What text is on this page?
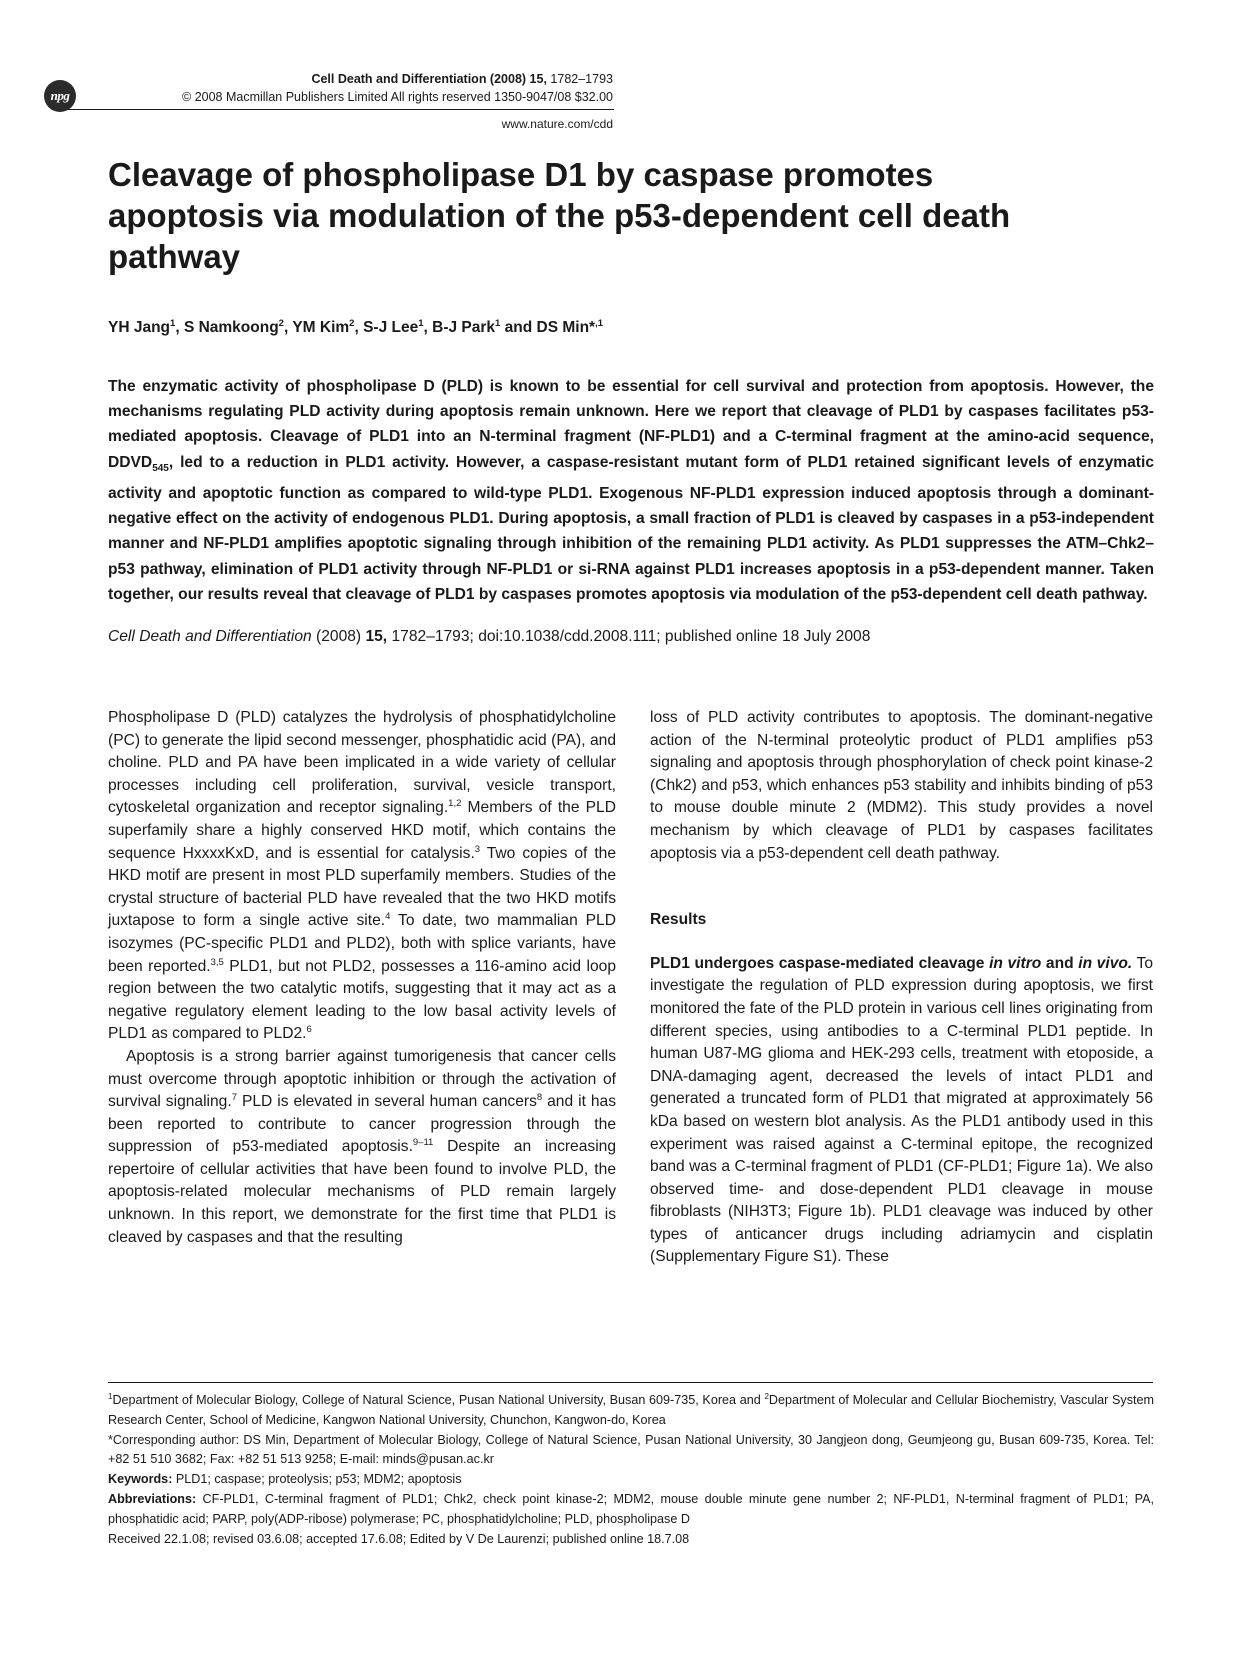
npg
Cell Death and Differentiation (2008) 15, 1782–1793
© 2008 Macmillan Publishers Limited All rights reserved 1350-9047/08 $32.00
www.nature.com/cdd
Cleavage of phospholipase D1 by caspase promotes apoptosis via modulation of the p53-dependent cell death pathway
YH Jang$^1$, S Namkoong$^2$, YM Kim$^2$, S-J Lee$^1$, B-J Park$^1$ and DS Min*$^{,1}$

The enzymatic activity of phospholipase D (PLD) is known to be essential for cell survival and protection from apoptosis. However, the mechanisms regulating PLD activity during apoptosis remain unknown. Here we report that cleavage of PLD1 by caspases facilitates p53-mediated apoptosis. Cleavage of PLD1 into an N-terminal fragment (NF-PLD1) and a C-terminal fragment at the amino-acid sequence, $DDVD_{545}$, led to a reduction in PLD1 activity. However, a caspase-resistant mutant form of PLD1 retained significant levels of enzymatic activity and apoptotic function as compared to wild-type PLD1. Exogenous NF-PLD1 expression induced apoptosis through a dominant-negative effect on the activity of endogenous PLD1. During apoptosis, a small fraction of PLD1 is cleaved by caspases in a p53-independent manner and NF-PLD1 amplifies apoptotic signaling through inhibition of the remaining PLD1 activity. As PLD1 suppresses the ATM–Chk2–p53 pathway, elimination of PLD1 activity through NF-PLD1 or si-RNA against PLD1 increases apoptosis in a p53-dependent manner. Taken together, our results reveal that cleavage of PLD1 by caspases promotes apoptosis via modulation of the p53-dependent cell death pathway.

Cell Death and Differentiation (2008) 15, 1782–1793; doi:10.1038/cdd.2008.111; published online 18 July 2008

Phospholipase D (PLD) catalyzes the hydrolysis of phosphatidylcholine (PC) to generate the lipid second messenger, phosphatidic acid (PA), and choline. PLD and PA have been implicated in a wide variety of cellular processes including cell proliferation, survival, vesicle transport, cytoskeletal organization and receptor signaling.$^{1,2}$ Members of the PLD superfamily share a highly conserved HKD motif, which contains the sequence HxxxxKxD, and is essential for catalysis.$^3$ Two copies of the HKD motif are present in most PLD superfamily members. Studies of the crystal structure of bacterial PLD have revealed that the two HKD motifs juxtapose to form a single active site.$^4$ To date, two mammalian PLD isozymes (PC-specific PLD1 and PLD2), both with splice variants, have been reported.$^{3,5}$ PLD1, but not PLD2, possesses a 116-amino acid loop region between the two catalytic motifs, suggesting that it may act as a negative regulatory element leading to the low basal activity levels of PLD1 as compared to PLD2.$^6$

Apoptosis is a strong barrier against tumorigenesis that cancer cells must overcome through apoptotic inhibition or through the activation of survival signaling.$^7$ PLD is elevated in several human cancers$^8$ and it has been reported to contribute to cancer progression through the suppression of p53-mediated apoptosis.$^{9-11}$ Despite an increasing repertoire of cellular activities that have been found to involve PLD, the apoptosis-related molecular mechanisms of PLD remain largely unknown. In this report, we demonstrate for the first time that PLD1 is cleaved by caspases and that the resulting

loss of PLD activity contributes to apoptosis. The dominant-negative action of the N-terminal proteolytic product of PLD1 amplifies p53 signaling and apoptosis through phosphorylation of check point kinase-2 (Chk2) and p53, which enhances p53 stability and inhibits binding of p53 to mouse double minute 2 (MDM2). This study provides a novel mechanism by which cleavage of PLD1 by caspases facilitates apoptosis via a p53-dependent cell death pathway.

Results

PLD1 undergoes caspase-mediated cleavage in vitro and in vivo. To investigate the regulation of PLD expression during apoptosis, we first monitored the fate of the PLD protein in various cell lines originating from different species, using antibodies to a C-terminal PLD1 peptide. In human U87-MG glioma and HEK-293 cells, treatment with etoposide, a DNA-damaging agent, decreased the levels of intact PLD1 and generated a truncated form of PLD1 that migrated at approximately 56 kDa based on western blot analysis. As the PLD1 antibody used in this experiment was raised against a C-terminal epitope, the recognized band was a C-terminal fragment of PLD1 (CF-PLD1; Figure 1a). We also observed time- and dose-dependent PLD1 cleavage in mouse fibroblasts (NIH3T3; Figure 1b). PLD1 cleavage was induced by other types of anticancer drugs including adriamycin and cisplatin (Supplementary Figure S1). These

$^1$Department of Molecular Biology, College of Natural Science, Pusan National University, Busan 609-735, Korea and $^2$Department of Molecular and Cellular Biochemistry, Vascular System Research Center, School of Medicine, Kangwon National University, Chunchon, Kangwon-do, Korea

*Corresponding author: DS Min, Department of Molecular Biology, College of Natural Science, Pusan National University, 30 Jangjeon dong, Geumjeong gu, Busan 609-735, Korea. Tel: +82 51 510 3682; Fax: +82 51 513 9258; E-mail: minds@pusan.ac.kr

Keywords: PLD1; caspase; proteolysis; p53; MDM2; apoptosis

Abbreviations: CF-PLD1, C-terminal fragment of PLD1; Chk2, check point kinase-2; MDM2, mouse double minute gene number 2; NF-PLD1, N-terminal fragment of PLD1; PA, phosphatidic acid; PARP, poly(ADP-ribose) polymerase; PC, phosphatidylcholine; PLD, phospholipase D

Received 22.1.08; revised 03.6.08; accepted 17.6.08; Edited by V De Laurenzi; published online 18.7.08
